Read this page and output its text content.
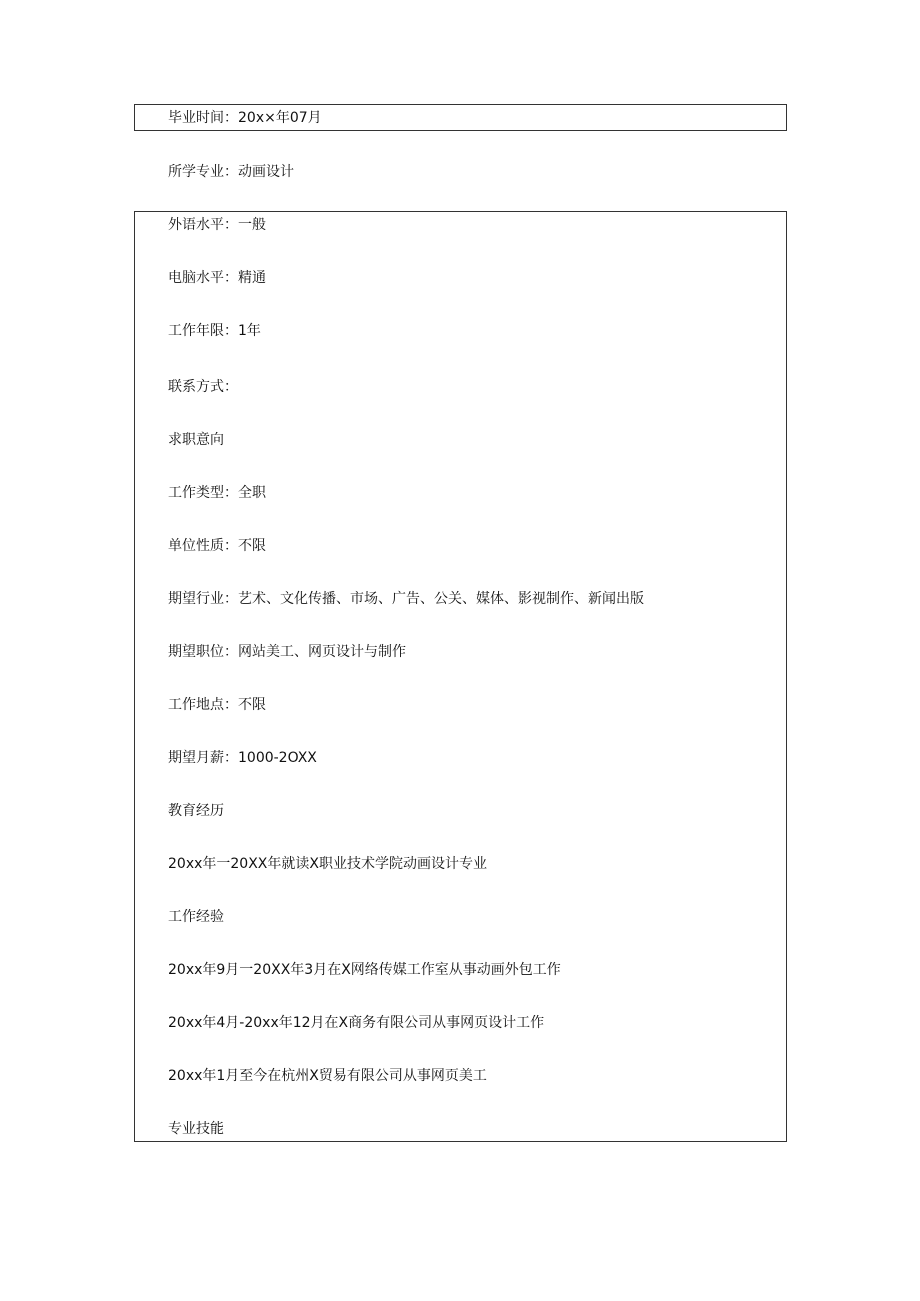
毕业时间：20x×年07月
所学专业：动画设计
外语水平：一般
电脑水平：精通
工作年限：1年
联系方式：
求职意向
工作类型：全职
单位性质：不限
期望行业：艺术、文化传播、市场、广告、公关、媒体、影视制作、新闻出版
期望职位：网站美工、网页设计与制作
工作地点：不限
期望月薪：1000-2OXX
教育经历
20xx年一20XX年就读X职业技术学院动画设计专业
工作经验
20xx年9月一20XX年3月在X网络传媒工作室从事动画外包工作
20xx年4月-20xx年12月在X商务有限公司从事网页设计工作
20xx年1月至今在杭州X贸易有限公司从事网页美工
专业技能
